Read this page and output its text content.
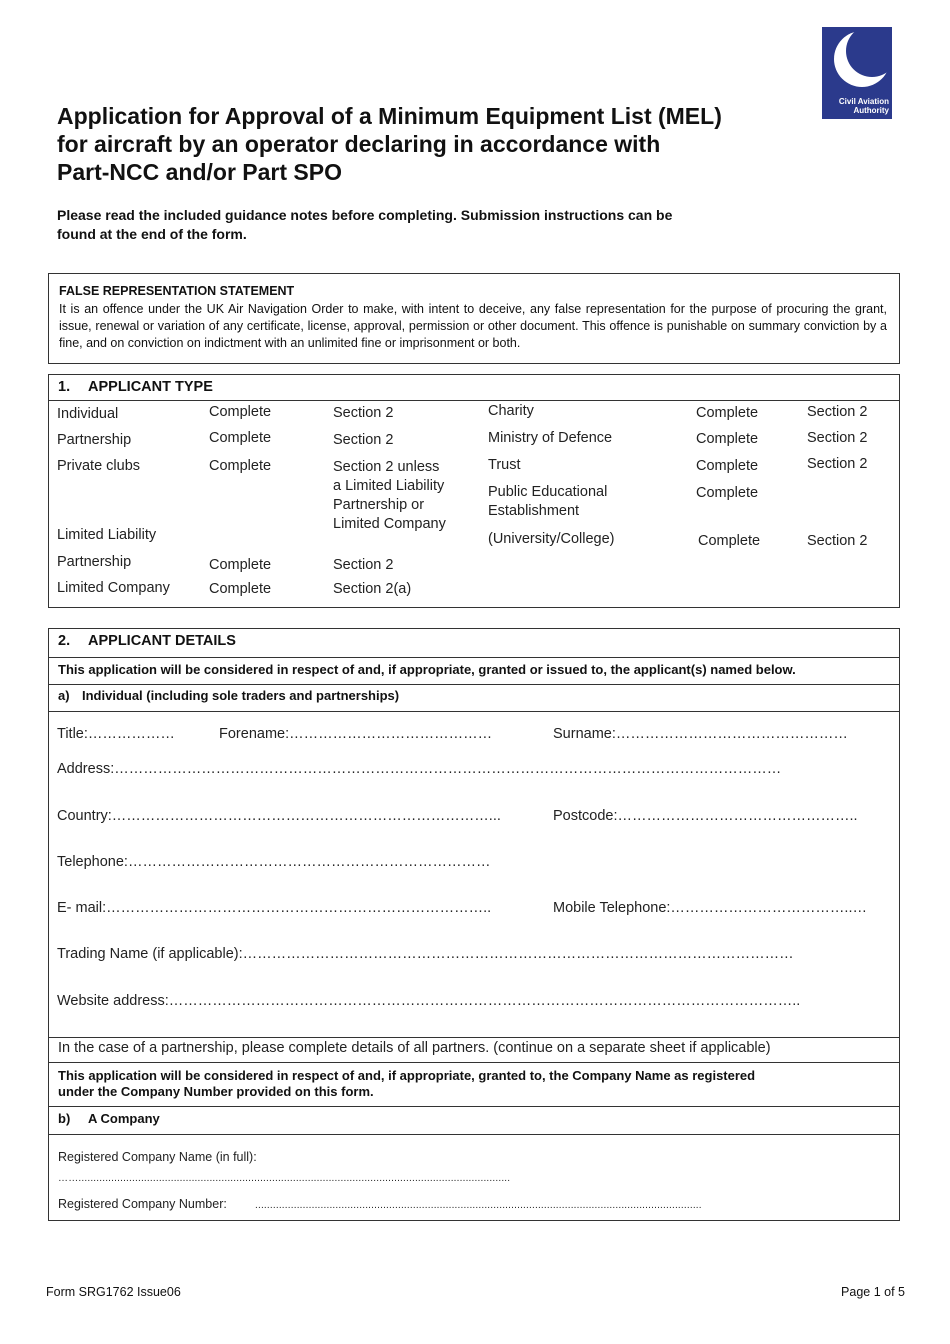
Civil Aviation
Authority
Application for Approval of a Minimum Equipment List (MEL)
for aircraft by an operator declaring in accordance with
Part-NCC and/or Part SPO
Please read the included guidance notes before completing. Submission instructions can be
found at the end of the form.
FALSE REPRESENTATION STATEMENT
It is an offence under the UK Air Navigation Order to make, with intent to deceive, any false representation for the purpose of procuring the grant, issue, renewal or variation of any certificate, license, approval, permission or other document. This offence is punishable on summary conviction by a fine, and on conviction on indictment with an unlimited fine or imprisonment or both.
1. APPLICANT TYPE
Individual	Complete	Section 2
Partnership	Complete	Section 2
Private clubs	Complete	Section 2 unless
a Limited Liability
Partnership or
Limited Company
Limited Liability
Partnership	Complete	Section 2
Limited Company	Complete	Section 2(a)
Charity	Complete	Section 2
Ministry of Defence	Complete	Section 2
Trust	Complete	Section 2
Public Educational
Establishment
Complete
(University/College)	Complete	Section 2
2. APPLICANT DETAILS
This application will be considered in respect of and, if appropriate, granted or issued to, the applicant(s) named below.
a) Individual (including sole traders and partnerships)
Title:………………	Forename:……………………………………	Surname:…………………………………………
Address:…………………………………………………………………………………………………………………………
Country:……………………………………………………………………...	Postcode:…………………………………………..
Telephone:…………………………………………………………………
E- mail:……………………………………………………………………..	Mobile Telephone:………………………………..…
Trading Name (if applicable):……………………………………………………………………………………………………
Website address:…………………………………………………………………………………………………………………..
In the case of a partnership, please complete details of all partners. (continue on a separate sheet if applicable)
This application will be considered in respect of and, if appropriate, granted to, the Company Name as registered
under the Company Number provided on this form.
b) A Company
Registered Company Name (in full):
…….................................................................................................................................................
Registered Company Number:	......................................................................................................................................................
Form SRG1762 Issue06	Page 1 of 5
